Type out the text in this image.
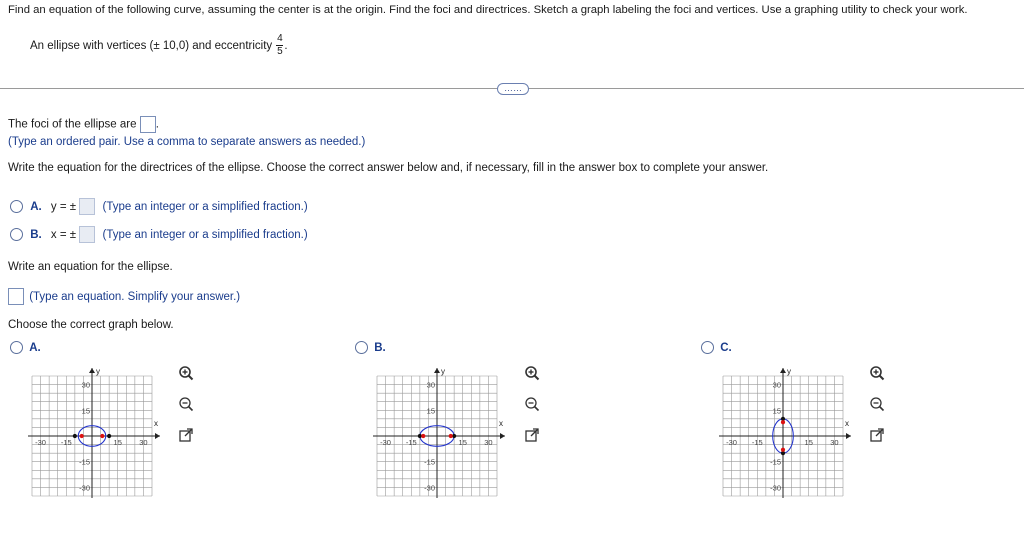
Find an equation of the following curve, assuming the center is at the origin. Find the foci and directrices. Sketch a graph labeling the foci and vertices. Use a graphing utility to check your work.
An ellipse with vertices (± 10,0) and eccentricity $\frac{4}{5}$ .
……
The foci of the ellipse are .
(Type an ordered pair. Use a comma to separate answers as needed.)
Write the equation for the directrices of the ellipse. Choose the correct answer below and, if necessary, fill in the answer box to complete your answer.
A. y = ± (Type an integer or a simplified fraction.)
B. x = ± (Type an integer or a simplified fraction.)
Write an equation for the ellipse.
(Type an equation. Simplify your answer.)
Choose the correct graph below.
A.	B.	C.
y
x
30
15
-15
-30
-30 -15	15 30
y
x
30
15
-15
-30
-30 -15	15 30
y
x
30
15
-15
-30
-30 -15	15 30
